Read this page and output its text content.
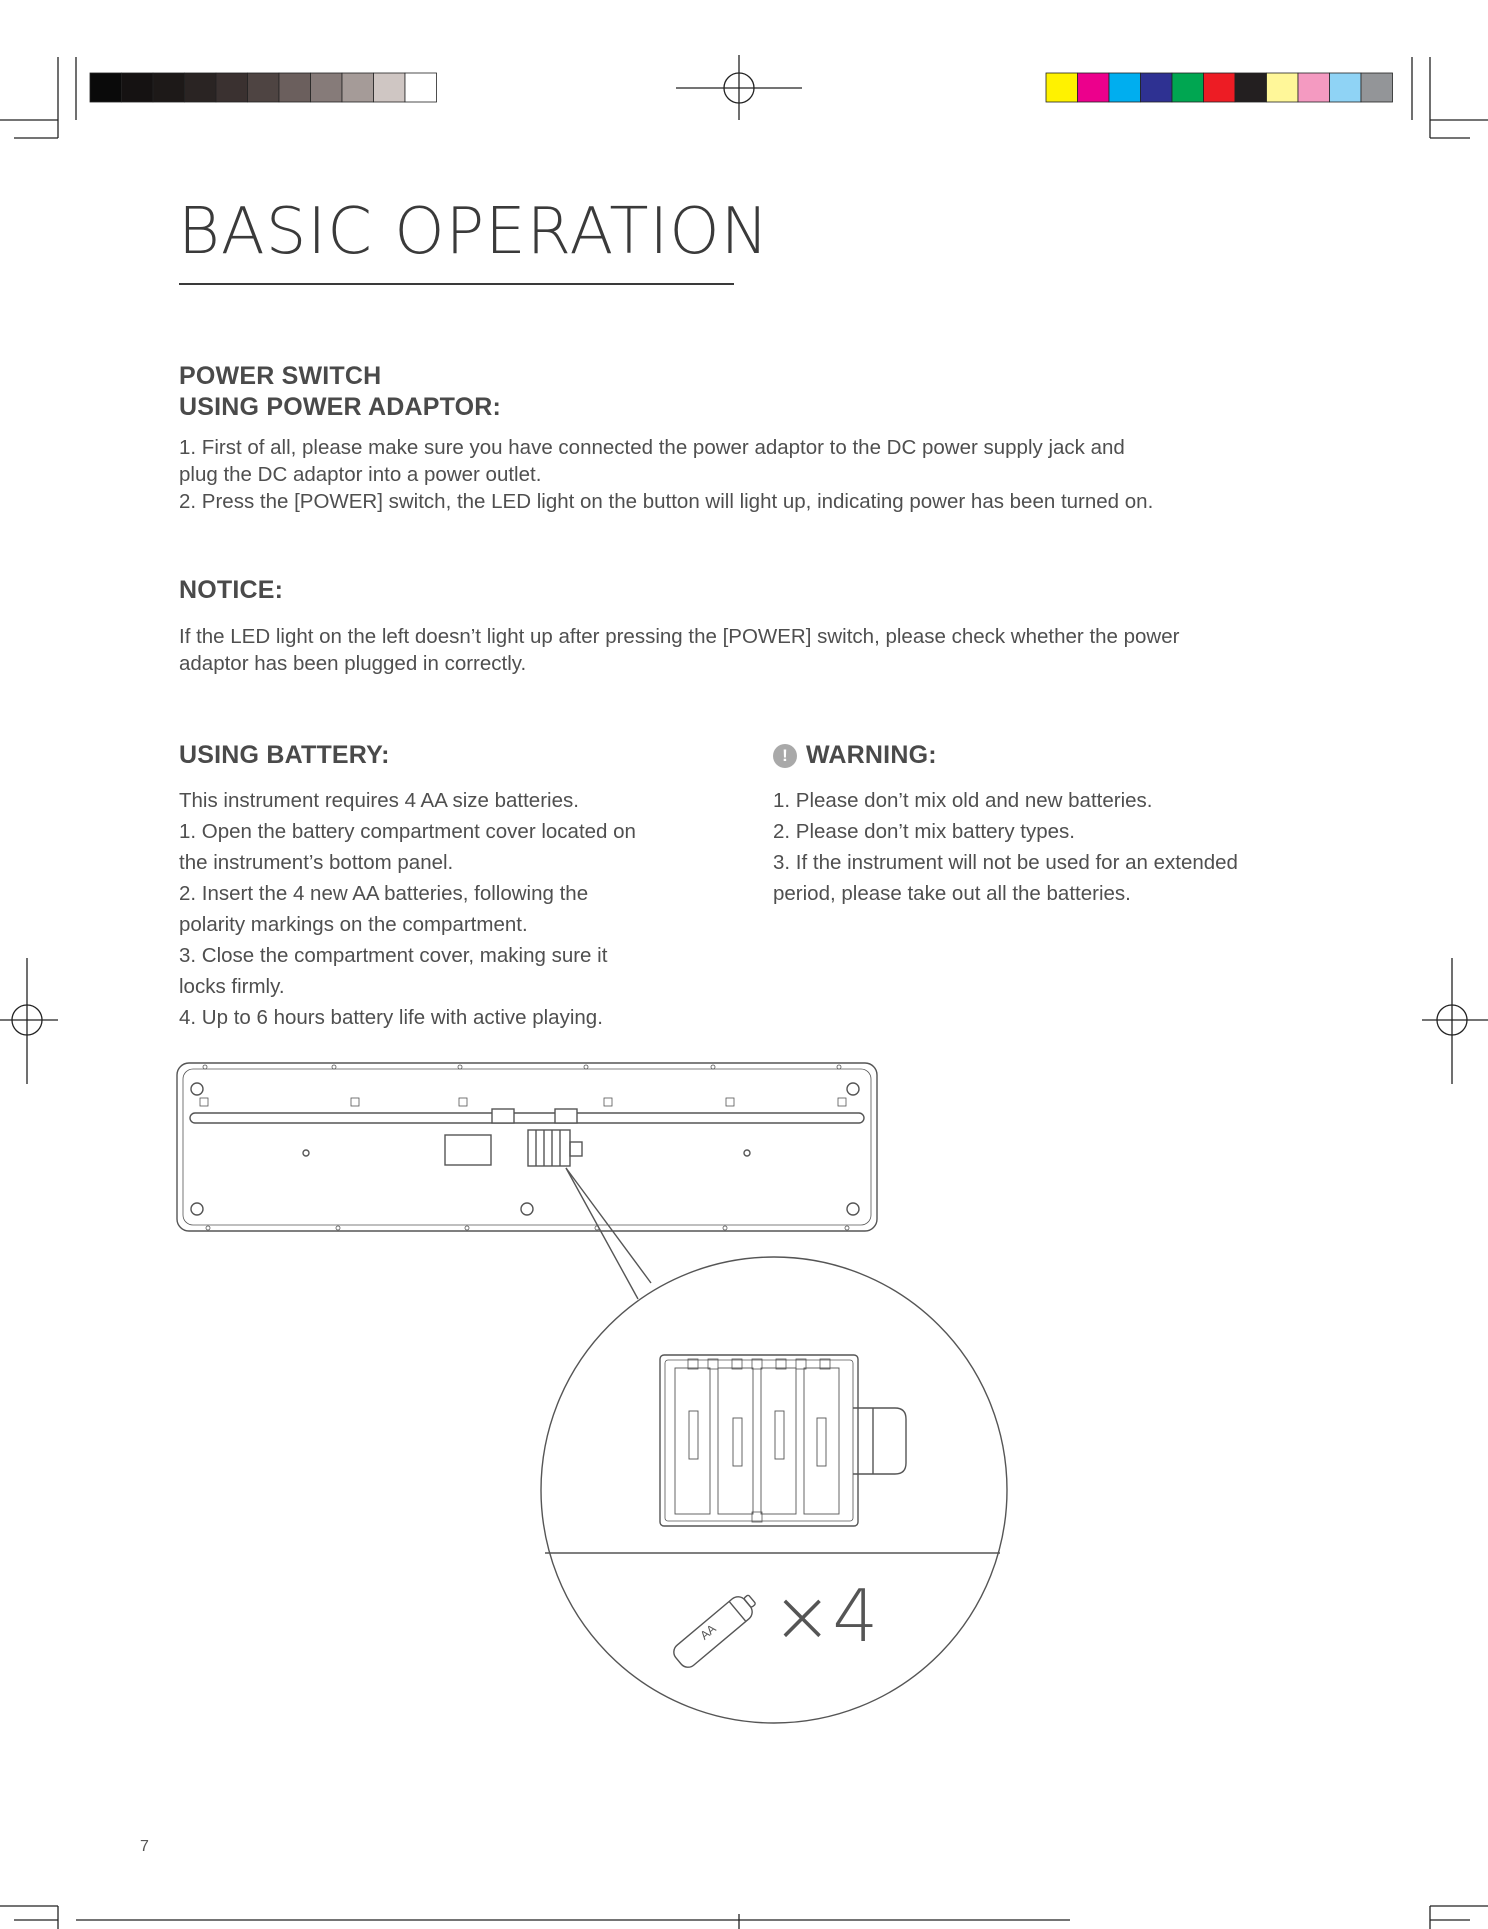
BASIC OPERATION

POWER SWITCH

USING POWER ADAPTOR:

1. First of all, please make sure you have connected the power adaptor to the DC power supply jack and

plug the DC adaptor into a power outlet.

2. Press the [POWER] switch, the LED light on the button will light up, indicating power has been turned on.

NOTICE:

If the LED light on the left doesn’t light up after pressing the [POWER] switch, please check whether the power

adaptor has been plugged in correctly.

USING BATTERY:

This instrument requires 4 AA size batteries.

1. Open the battery compartment cover located on

the instrument’s bottom panel.

2. Insert the 4 new AA batteries, following the

polarity markings on the compartment.

3. Close the compartment cover, making sure it

locks firmly.

4. Up to 6 hours battery life with active playing.

! WARNING:

1. Please don’t mix old and new batteries.

2. Please don’t mix battery types.

3. If the instrument will not be used for an extended

period, please take out all the batteries.

AA ×4
7
